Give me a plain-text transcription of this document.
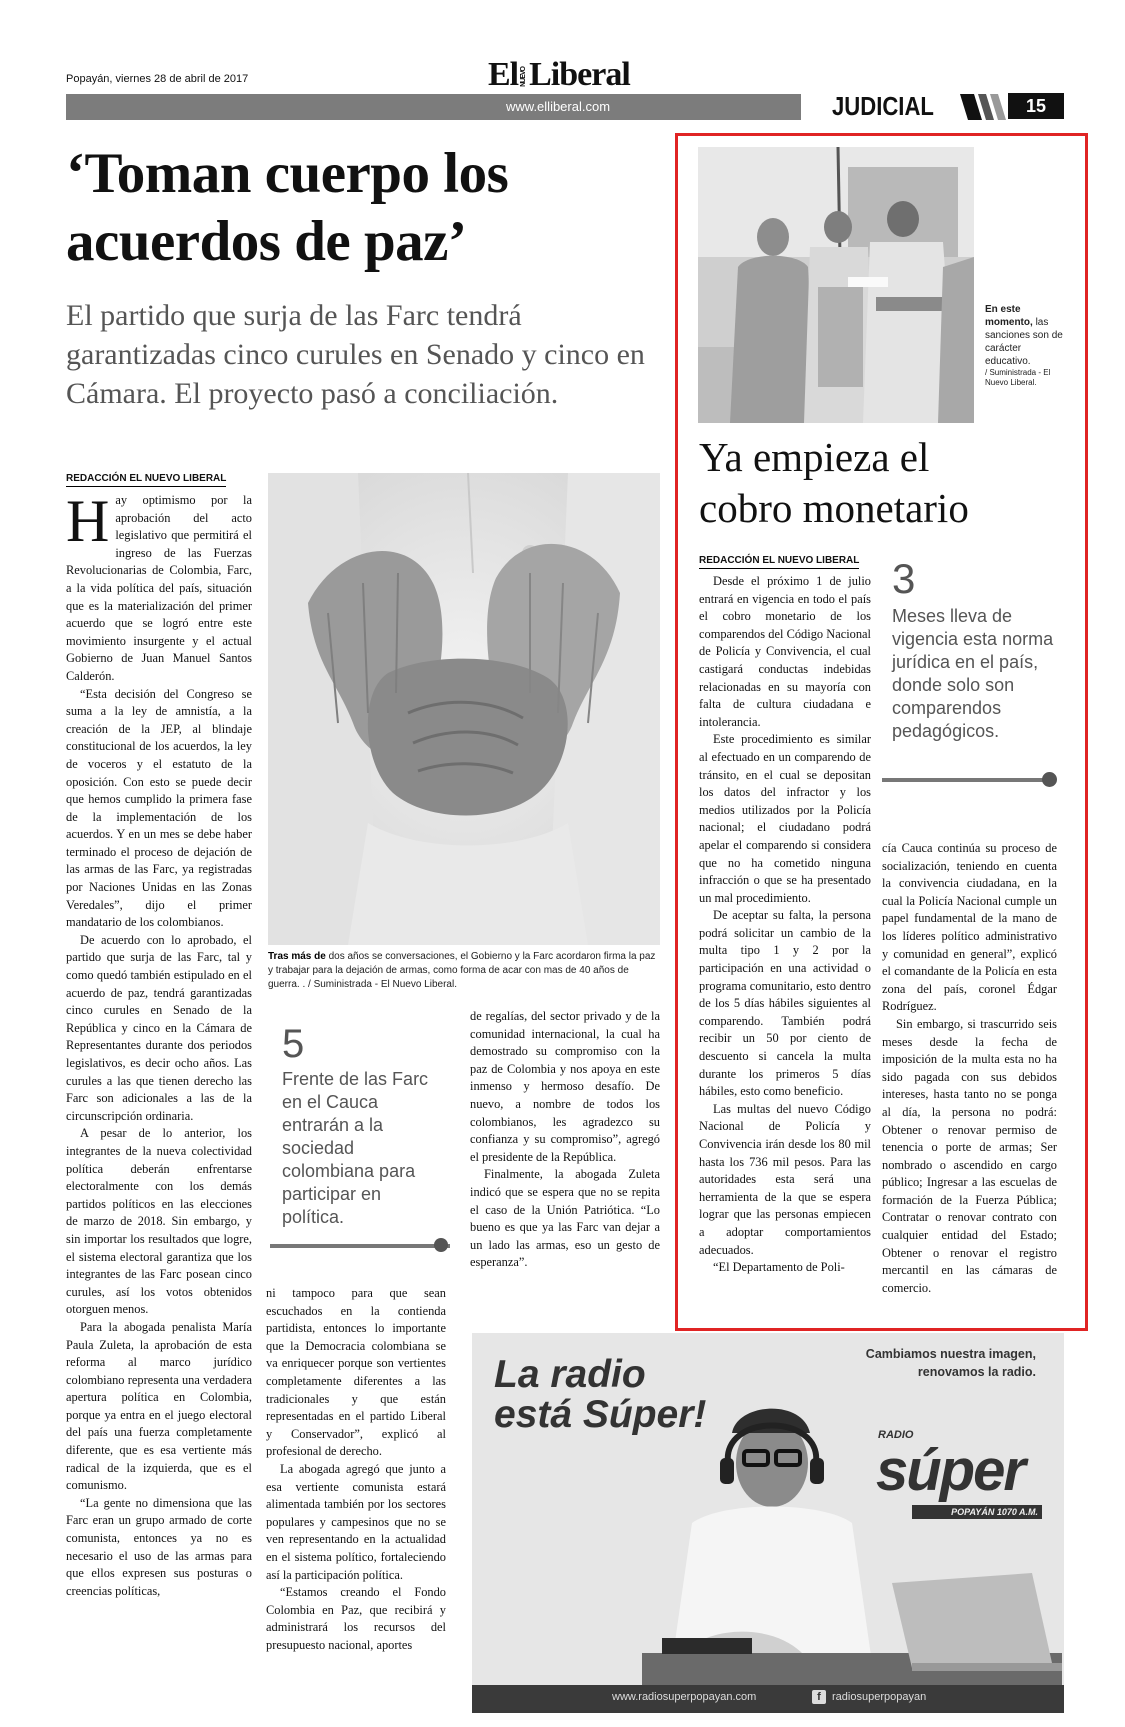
Popayán, viernes 28 de abril de 2017	El NUEVOLiberal
www.elliberal.com	JUDICIAL	15
‘Toman cuerpo los
acuerdos de paz’
El partido que surja de las Farc tendrá garantizadas cinco curules en Senado y cinco en Cámara. El proyecto pasó a conciliación.
REDACCIÓN EL NUEVO LIBERAL

Hay optimismo por la aprobación del acto legislativo que permitirá el ingreso de las Fuerzas Revolucionarias de Colombia, Farc, a la vida política del país, situación que es la materialización del primer acuerdo que se logró entre este movimiento insurgente y el actual Gobierno de Juan Manuel Santos Calderón.

“Esta decisión del Congreso se suma a la ley de amnistía, a la creación de la JEP, al blindaje constitucional de los acuerdos, la ley de voceros y el estatuto de la oposición. Con esto se puede decir que hemos cumplido la primera fase de la implementación de los acuerdos. Y en un mes se debe haber terminado el proceso de dejación de las armas de las Farc, ya registradas por Naciones Unidas en las Zonas Veredales”, dijo el primer mandatario de los colombianos.

De acuerdo con lo aprobado, el partido que surja de las Farc, tal y como quedó también estipulado en el acuerdo de paz, tendrá garantizadas cinco curules en Senado de la República y cinco en la Cámara de Representantes durante dos periodos legislativos, es decir ocho años. Las curules a las que tienen derecho las Farc son adicionales a las de la circunscripción ordinaria.

A pesar de lo anterior, los integrantes de la nueva colectividad política deberán enfrentarse electoralmente con los demás partidos políticos en las elecciones de marzo de 2018. Sin embargo, y sin importar los resultados que logre, el sistema electoral garantiza que los integrantes de las Farc posean cinco curules, así los votos obtenidos otorguen menos.

Para la abogada penalista María Paula Zuleta, la aprobación de esta reforma al marco jurídico colombiano representa una verdadera apertura política en Colombia, porque ya entra en el juego electoral del país una fuerza completamente diferente, que es esa vertiente más radical de la izquierda, que es el comunismo.

“La gente no dimensiona que las Farc eran un grupo armado de corte comunista, entonces ya no es necesario el uso de las armas para que ellos expresen sus posturas o creencias políticas,

Tras más de dos años se conversaciones, el Gobierno y la Farc acordaron firma la paz y trabajar para la dejación de armas, como forma de acar con mas de 40 años de guerra. . / Suministrada - El Nuevo Liberal.
5
Frente de las Farc en el Cauca entrarán a la sociedad colombiana para participar en política.

ni tampoco para que sean escuchados en la contienda partidista, entonces lo importante que la Democracia colombiana se va enriquecer porque son vertientes completamente diferentes a las tradicionales y que están representadas en el partido Liberal y Conservador”, explicó al profesional de derecho.

La abogada agregó que junto a esa vertiente comunista estará alimentada también por los sectores populares y campesinos que no se ven representando en la actualidad en el sistema político, fortaleciendo así la participación política.

“Estamos creando el Fondo Colombia en Paz, que recibirá y administrará los recursos del presupuesto nacional, aportes

de regalías, del sector privado y de la comunidad internacional, la cual ha demostrado su compromiso con la paz de Colombia y nos apoya en este inmenso y hermoso desafío. De nuevo, a nombre de todos los colombianos, les agradezco su confianza y su compromiso”, agregó el presidente de la República.

Finalmente, la abogada Zuleta indicó que se espera que no se repita el caso de la Unión Patriótica. “Lo bueno es que ya las Farc van dejar a un lado las armas, eso un gesto de esperanza”.

En este
momento, las sanciones son de carácter educativo.
/ Suministrada - El Nuevo Liberal.
Ya empieza el
cobro monetario
REDACCIÓN EL NUEVO LIBERAL

Desde el próximo 1 de julio entrará en vigencia en todo el país el cobro monetario de los comparendos del Código Nacional de Policía y Convivencia, el cual castigará conductas indebidas relacionadas en su mayoría con falta de cultura ciudadana e intolerancia.

Este procedimiento es similar al efectuado en un comparendo de tránsito, en el cual se depositan los datos del infractor y los medios utilizados por la Policía nacional; el ciudadano podrá apelar el comparendo si considera que no ha cometido ninguna infracción o que se ha presentado un mal procedimiento.

De aceptar su falta, la persona podrá solicitar un cambio de la multa tipo 1 y 2 por la participación en una actividad o programa comunitario, esto dentro de los 5 días hábiles siguientes al comparendo. También podrá recibir un 50 por ciento de descuento si cancela la multa durante los primeros 5 días hábiles, esto como beneficio.

Las multas del nuevo Código Nacional de Policía y Convivencia irán desde los 80 mil hasta los 736 mil pesos. Para las autoridades esta será una herramienta de la que se espera lograr que las personas empiecen a adoptar comportamientos adecuados.

“El Departamento de Poli-

3
Meses lleva de vigencia esta norma jurídica en el país, donde solo son comparendos pedagógicos.

cía Cauca continúa su proceso de socialización, teniendo en cuenta la convivencia ciudadana, en la cual la Policía Nacional cumple un papel fundamental de la mano de los líderes político administrativo y comunidad en general”, explicó el comandante de la Policía en esta zona del país, coronel Édgar Rodríguez.

Sin embargo, si trascurrido seis meses desde la fecha de imposición de la multa esta no ha sido pagada con sus debidos intereses, hasta tanto no se ponga al día, la persona no podrá: Obtener o renovar permiso de tenencia o porte de armas; Ser nombrado o ascendido en cargo público; Ingresar a las escuelas de formación de la Fuerza Pública; Contratar o renovar contrato con cualquier entidad del Estado; Obtener o renovar el registro mercantil en las cámaras de comercio.

La radio
está Súper!
Cambiamos nuestra imagen,
renovamos la radio.
RADIO
súper
POPAYÁN 1070 A.M.
www.radiosuperpopayan.com	f	radiosuperpopayan
